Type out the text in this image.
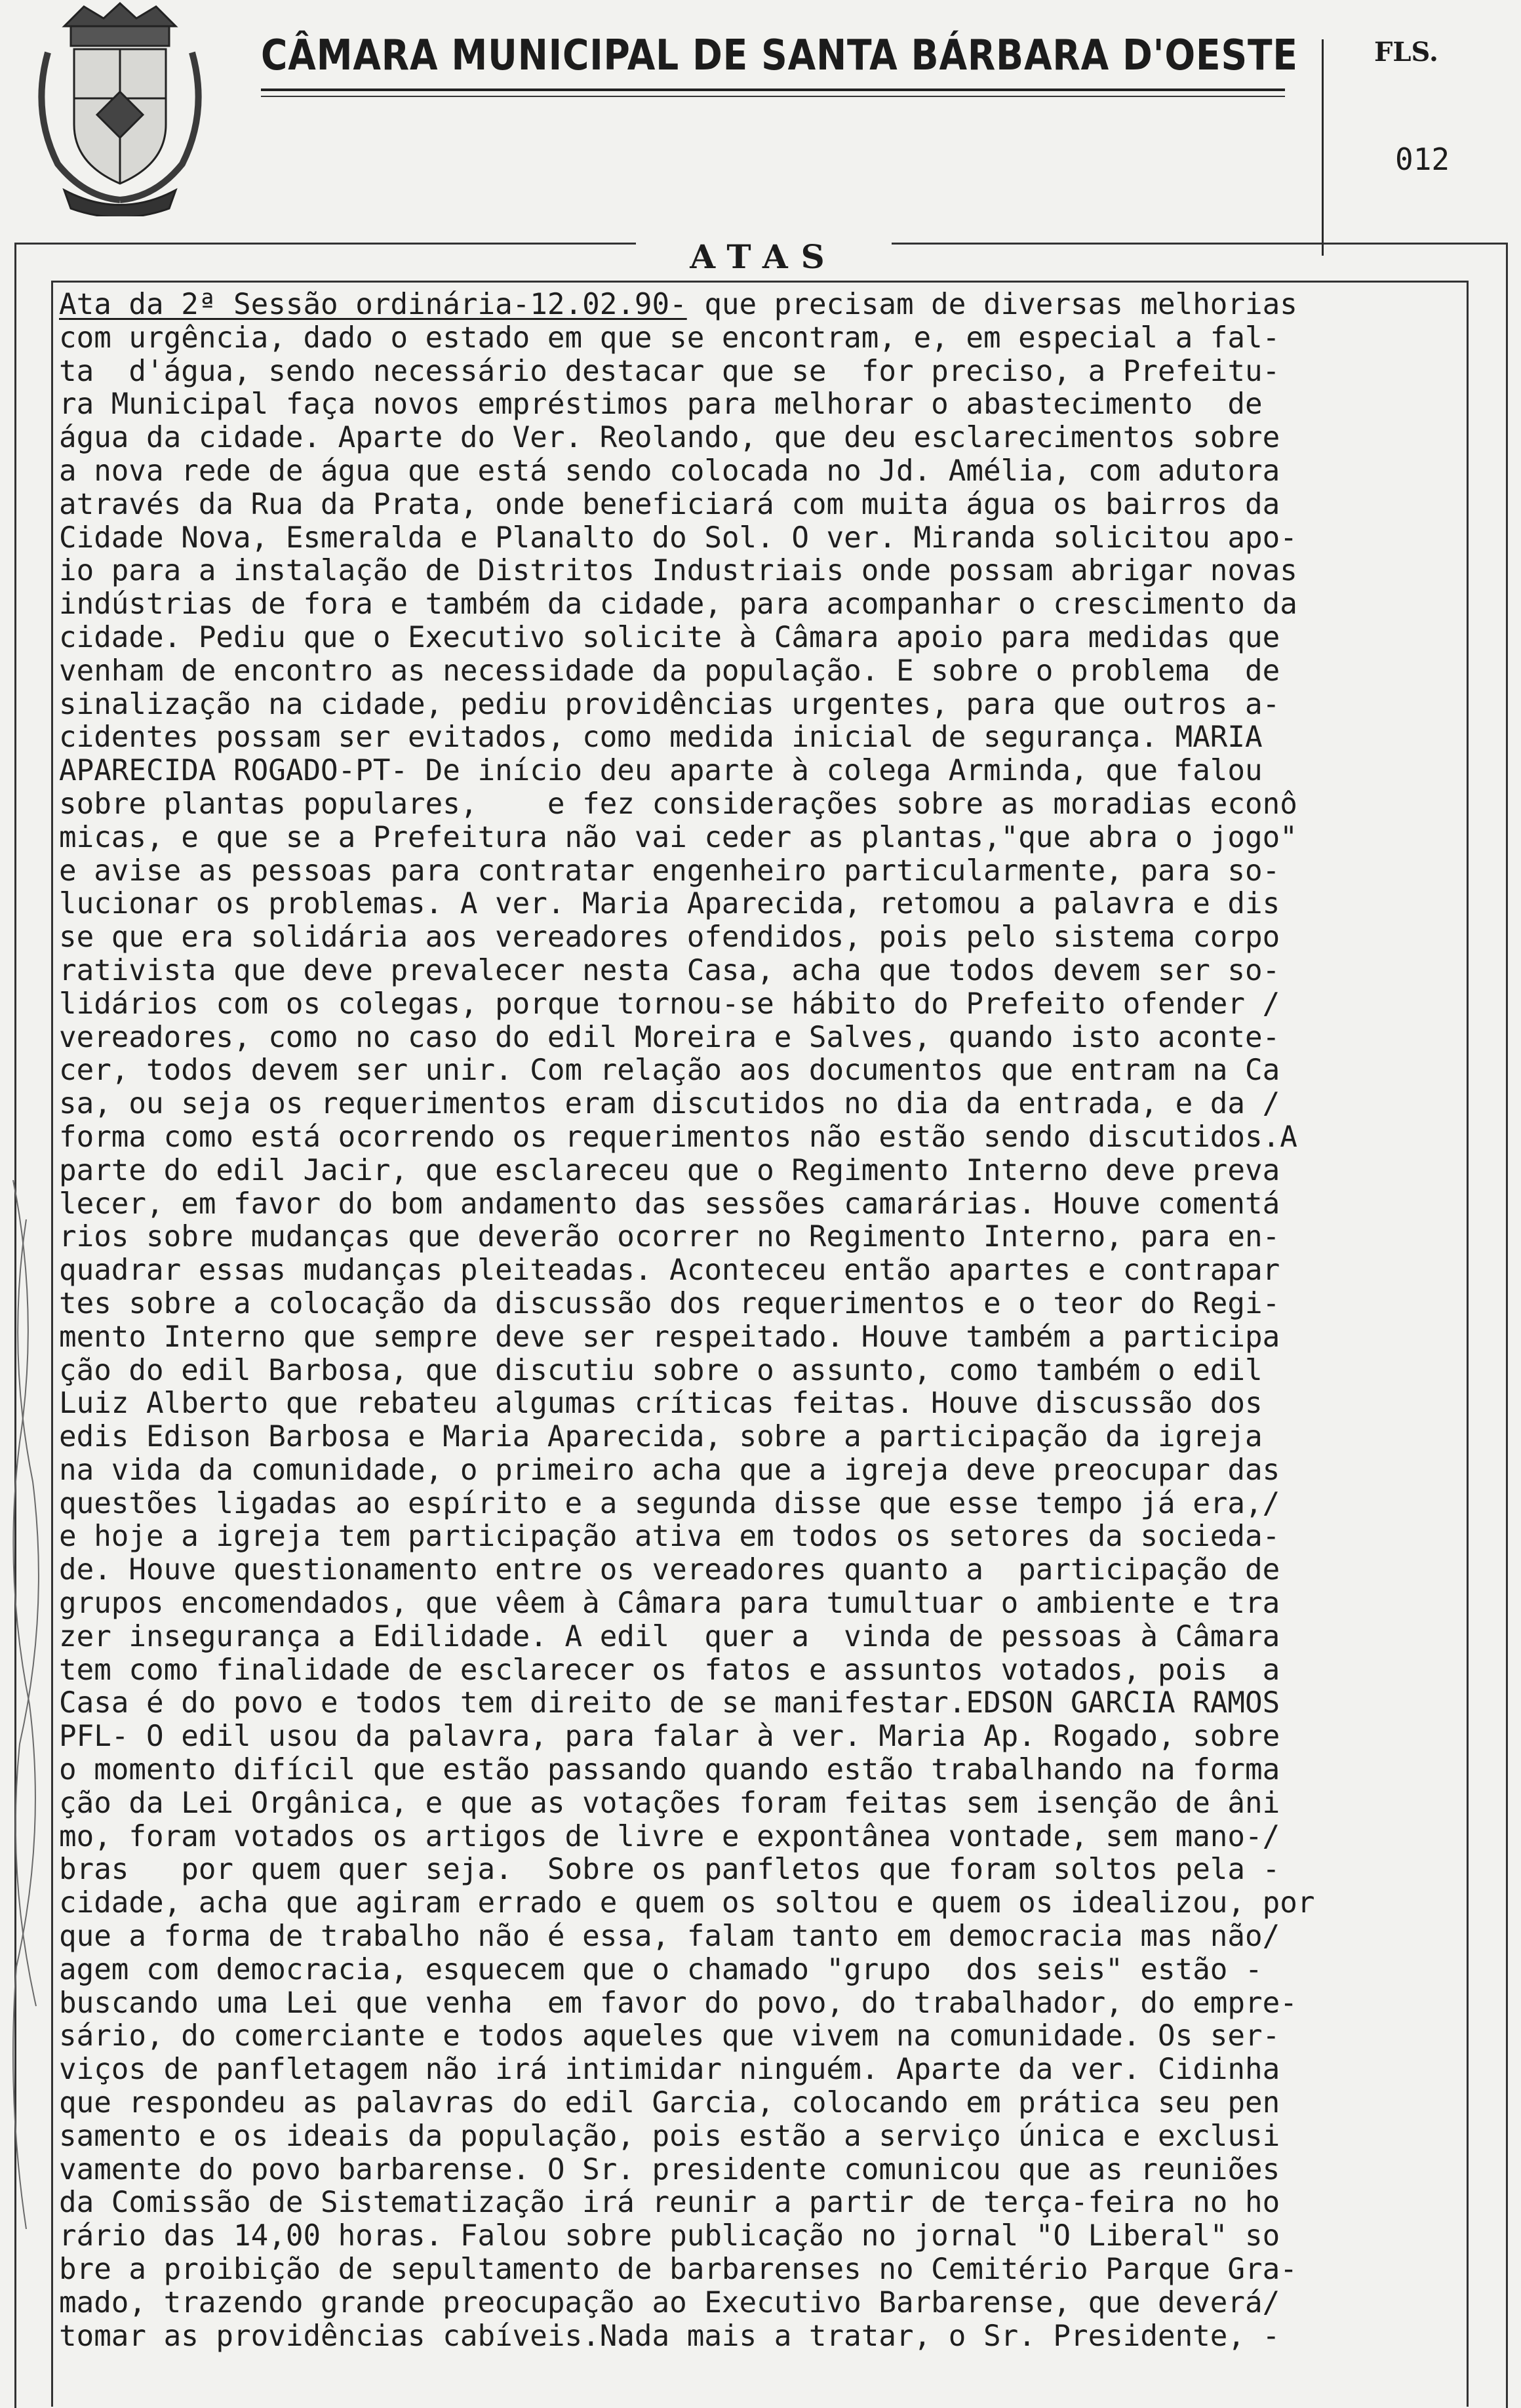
CÂMARA MUNICIPAL DE SANTA BÁRBARA D'OESTE	FLS.
012
ATAS
Ata da 2ª Sessão ordinária-12.02.90- que precisam de diversas melhorias
com urgência, dado o estado em que se encontram, e, em especial a fal-
ta  d'água, sendo necessário destacar que se  for preciso, a Prefeitu-
ra Municipal faça novos empréstimos para melhorar o abastecimento  de
água da cidade. Aparte do Ver. Reolando, que deu esclarecimentos sobre
a nova rede de água que está sendo colocada no Jd. Amélia, com adutora
através da Rua da Prata, onde beneficiará com muita água os bairros da
Cidade Nova, Esmeralda e Planalto do Sol. O ver. Miranda solicitou apo-
io para a instalação de Distritos Industriais onde possam abrigar novas
indústrias de fora e também da cidade, para acompanhar o crescimento da
cidade. Pediu que o Executivo solicite à Câmara apoio para medidas que
venham de encontro as necessidade da população. E sobre o problema  de
sinalização na cidade, pediu providências urgentes, para que outros a-
cidentes possam ser evitados, como medida inicial de segurança. MARIA
APARECIDA ROGADO-PT- De início deu aparte à colega Arminda, que falou
sobre plantas populares,    e fez considerações sobre as moradias econô
micas, e que se a Prefeitura não vai ceder as plantas,"que abra o jogo"
e avise as pessoas para contratar engenheiro particularmente, para so-
lucionar os problemas. A ver. Maria Aparecida, retomou a palavra e dis
se que era solidária aos vereadores ofendidos, pois pelo sistema corpo
rativista que deve prevalecer nesta Casa, acha que todos devem ser so-
lidários com os colegas, porque tornou-se hábito do Prefeito ofender /
vereadores, como no caso do edil Moreira e Salves, quando isto aconte-
cer, todos devem ser unir. Com relação aos documentos que entram na Ca
sa, ou seja os requerimentos eram discutidos no dia da entrada, e da /
forma como está ocorrendo os requerimentos não estão sendo discutidos.A
parte do edil Jacir, que esclareceu que o Regimento Interno deve preva
lecer, em favor do bom andamento das sessões camarárias. Houve comentá
rios sobre mudanças que deverão ocorrer no Regimento Interno, para en-
quadrar essas mudanças pleiteadas. Aconteceu então apartes e contrapar
tes sobre a colocação da discussão dos requerimentos e o teor do Regi-
mento Interno que sempre deve ser respeitado. Houve também a participa
ção do edil Barbosa, que discutiu sobre o assunto, como também o edil
Luiz Alberto que rebateu algumas críticas feitas. Houve discussão dos
edis Edison Barbosa e Maria Aparecida, sobre a participação da igreja
na vida da comunidade, o primeiro acha que a igreja deve preocupar das
questões ligadas ao espírito e a segunda disse que esse tempo já era,/
e hoje a igreja tem participação ativa em todos os setores da socieda-
de. Houve questionamento entre os vereadores quanto a  participação de
grupos encomendados, que vêem à Câmara para tumultuar o ambiente e tra
zer insegurança a Edilidade. A edil  quer a  vinda de pessoas à Câmara
tem como finalidade de esclarecer os fatos e assuntos votados, pois  a
Casa é do povo e todos tem direito de se manifestar.EDSON GARCIA RAMOS
PFL- O edil usou da palavra, para falar à ver. Maria Ap. Rogado, sobre
o momento difícil que estão passando quando estão trabalhando na forma
ção da Lei Orgânica, e que as votações foram feitas sem isenção de âni
mo, foram votados os artigos de livre e expontânea vontade, sem mano-/
bras   por quem quer seja.  Sobre os panfletos que foram soltos pela -
cidade, acha que agiram errado e quem os soltou e quem os idealizou, por
que a forma de trabalho não é essa, falam tanto em democracia mas não/
agem com democracia, esquecem que o chamado "grupo  dos seis" estão -
buscando uma Lei que venha  em favor do povo, do trabalhador, do empre-
sário, do comerciante e todos aqueles que vivem na comunidade. Os ser-
viços de panfletagem não irá intimidar ninguém. Aparte da ver. Cidinha
que respondeu as palavras do edil Garcia, colocando em prática seu pen
samento e os ideais da população, pois estão a serviço única e exclusi
vamente do povo barbarense. O Sr. presidente comunicou que as reuniões
da Comissão de Sistematização irá reunir a partir de terça-feira no ho
rário das 14,00 horas. Falou sobre publicação no jornal "O Liberal" so
bre a proibição de sepultamento de barbarenses no Cemitério Parque Gra-
mado, trazendo grande preocupação ao Executivo Barbarense, que deverá/
tomar as providências cabíveis.Nada mais a tratar, o Sr. Presidente, -
